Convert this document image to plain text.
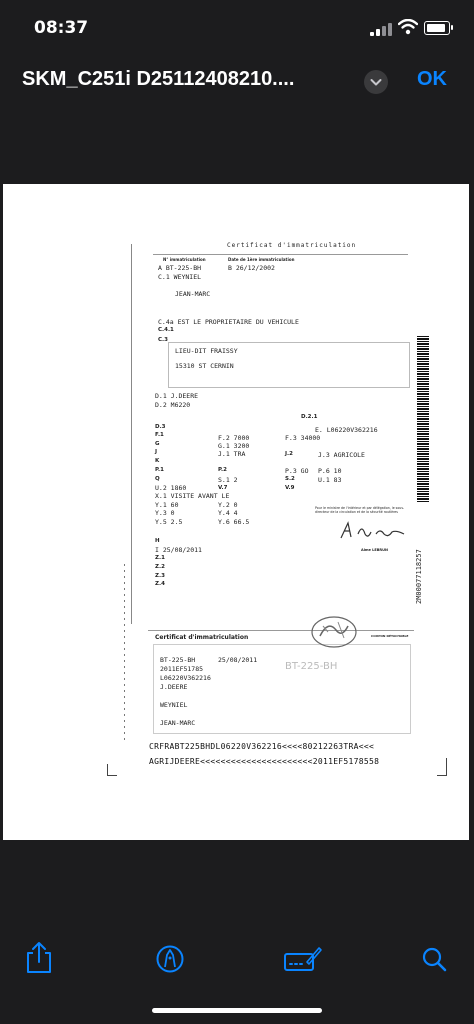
08:37
SKM_C251i D25112408210....	OK
Certificat d'immatriculation
N° immatriculation	Date de 1ère immatriculation
A BT-225-BH	B 26/12/2002
C.1 WEYNIEL
JEAN-MARC
C.4a EST LE PROPRIETAIRE DU VEHICULE
C.4.1
C.3
LIEU-DIT FRAISSY
15310 ST CERNIN
D.1 J.DEERE
D.2 M6220
D.2.1
D.3	E. L06220V362216
F.1	F.2 7000	F.3 34000
G	G.1 3200
J	J.1 TRA	J.2	J.3 AGRICOLE
K
P.1	P.2	P.3 GO P.6 10
Q	S.1 2	S.2	U.1 83
U.2 1860	V.7	V.9
X.1 VISITE AVANT LE
Y.1 60	Y.2 0
Y.3 0	Y.4 4
Y.5 2.5	Y.6 66.5
H
I 25/08/2011
Z.1
Z.2
Z.3
Z.4
Pour le ministre de l'intérieur et par délégation, le sous-directeur de la circulation et de la sécurité routières
Aime LEBRUN	2M00077118257
Certificat d'immatriculation	COUPON DÉTACHABLE
BT-225-BH	25/08/2011
2011EF51785
L06220V362216
J.DEERE
WEYNIEL
JEAN-MARC
BT-225-BH
CRFRABT225BHDL06220V362216<<<<80212263TRA<<<
AGRIJDEERE<<<<<<<<<<<<<<<<<<<<<<2011EF5178558
